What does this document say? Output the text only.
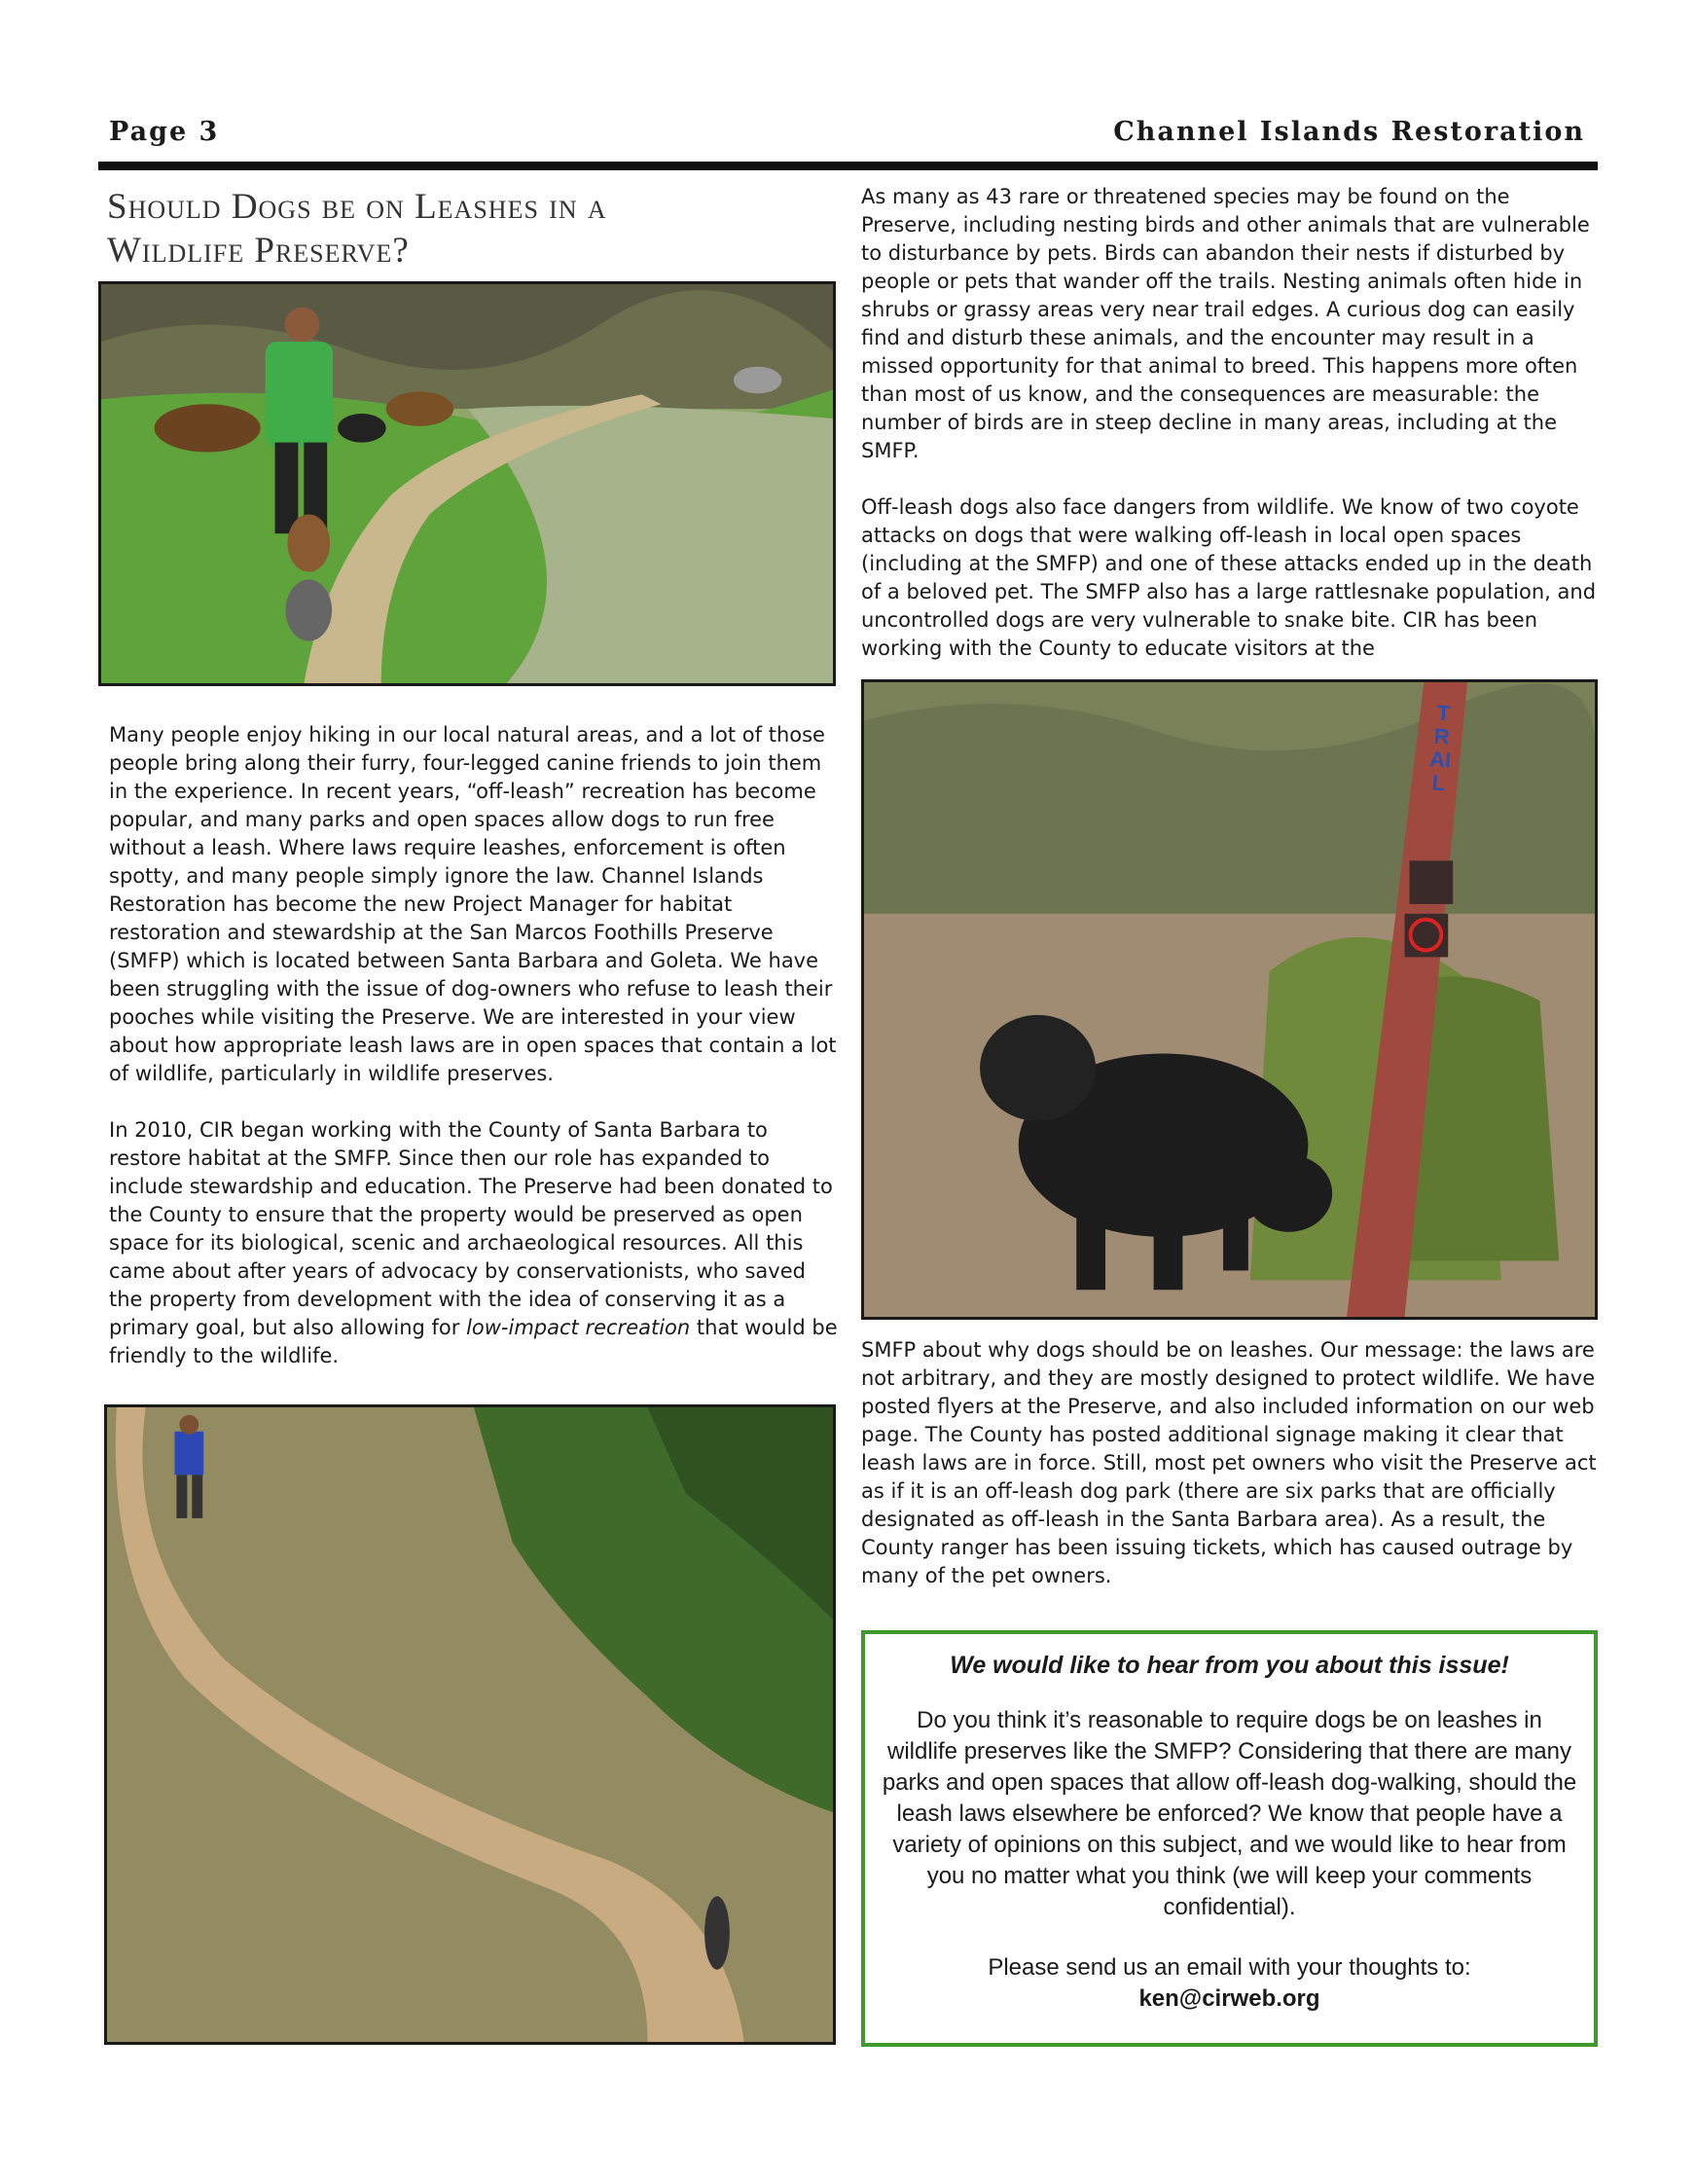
Page 3	Channel Islands Restoration
Should Dogs be on Leashes in a
Wildlife Preserve?

Many people enjoy hiking in our local natural areas, and a lot of those people bring along their furry, four-legged canine friends to join them in the experience. In recent years, “off-leash” recreation has become popular, and many parks and open spaces allow dogs to run free without a leash. Where laws require leashes, enforcement is often spotty, and many people simply ignore the law. Channel Islands Restoration has become the new Project Manager for habitat restoration and stewardship at the San Marcos Foothills Preserve (SMFP) which is located between Santa Barbara and Goleta. We have been struggling with the issue of dog-owners who refuse to leash their pooches while visiting the Preserve. We are interested in your view about how appropriate leash laws are in open spaces that contain a lot of wildlife, particularly in wildlife preserves.

In 2010, CIR began working with the County of Santa Barbara to restore habitat at the SMFP. Since then our role has expanded to include stewardship and education. The Preserve had been donated to the County to ensure that the property would be preserved as open space for its biological, scenic and archaeological resources. All this came about after years of advocacy by conservationists, who saved the property from development with the idea of conserving it as a primary goal, but also allowing for low-impact recreation that would be friendly to the wildlife.

As many as 43 rare or threatened species may be found on the Preserve, including nesting birds and other animals that are vulnerable to disturbance by pets. Birds can abandon their nests if disturbed by people or pets that wander off the trails. Nesting animals often hide in shrubs or grassy areas very near trail edges. A curious dog can easily find and disturb these animals, and the encounter may result in a missed opportunity for that animal to breed. This happens more often than most of us know, and the consequences are measurable: the number of birds are in steep decline in many areas, including at the SMFP.

Off-leash dogs also face dangers from wildlife. We know of two coyote attacks on dogs that were walking off-leash in local open spaces (including at the SMFP) and one of these attacks ended up in the death of a beloved pet. The SMFP also has a large rattlesnake population, and uncontrolled dogs are very vulnerable to snake bite. CIR has been working with the County to educate visitors at the

TRAIL

SMFP about why dogs should be on leashes. Our message: the laws are not arbitrary, and they are mostly designed to protect wildlife. We have posted flyers at the Preserve, and also included information on our web page. The County has posted additional signage making it clear that leash laws are in force. Still, most pet owners who visit the Preserve act as if it is an off-leash dog park (there are six parks that are officially designated as off-leash in the Santa Barbara area). As a result, the County ranger has been issuing tickets, which has caused outrage by many of the pet owners.

We would like to hear from you about this issue!

Do you think it’s reasonable to require dogs be on leashes in wildlife preserves like the SMFP? Considering that there are many parks and open spaces that allow off-leash dog-walking, should the leash laws elsewhere be enforced? We know that people have a variety of opinions on this subject, and we would like to hear from you no matter what you think (we will keep your comments confidential).

Please send us an email with your thoughts to:

ken@cirweb.org
